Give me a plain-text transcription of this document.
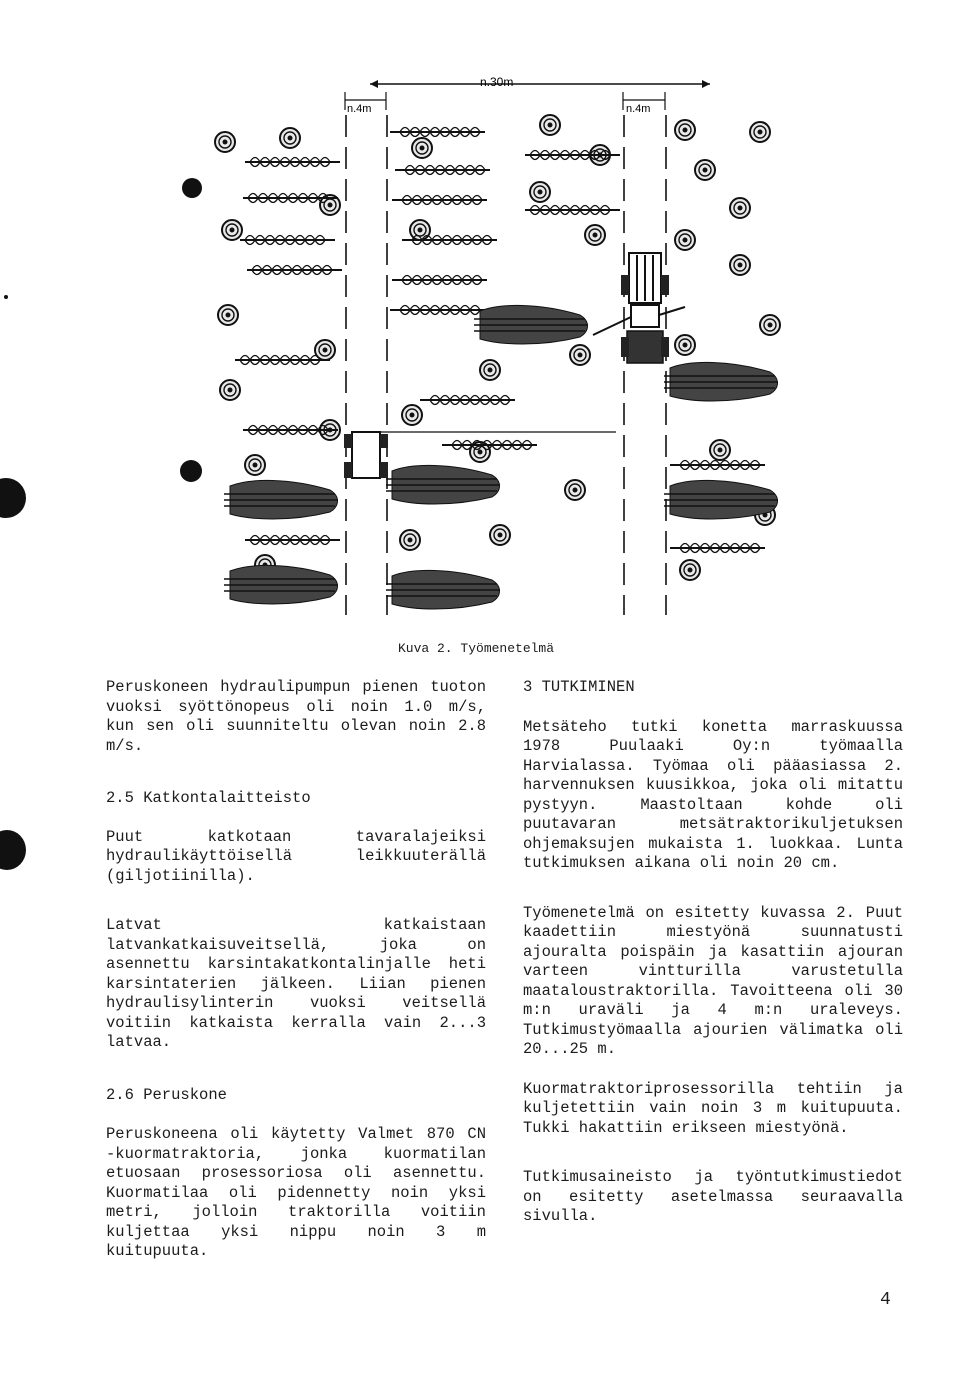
n.30m
n.4m	n.4m
Kuva 2. Työmenetelmä

Peruskoneen hydraulipumpun pienen tuoton vuoksi syöttönopeus oli noin 1.0 m/s, kun sen oli suunniteltu olevan noin 2.8 m/s.

2.5 Katkontalaitteisto

Puut katkotaan tavaralajeiksi hydraulikäyttöisellä leikkuuterällä (giljotiinilla).

Latvat katkaistaan latvankatkaisuveitsellä, joka on asennettu karsintakatkontalinjalle heti karsintaterien jälkeen. Liian pienen hydraulisylinterin vuoksi veitsellä voitiin katkaista kerralla vain 2...3 latvaa.

2.6 Peruskone

Peruskoneena oli käytetty Valmet 870 CN -kuormatraktoria, jonka kuormatilan etuosaan prosessoriosa oli asennettu. Kuormatilaa oli pidennetty noin yksi metri, jolloin traktorilla voitiin kuljettaa yksi nippu noin 3 m kuitupuuta.

3 TUTKIMINEN

Metsäteho tutki konetta marraskuussa 1978 Puulaaki Oy:n työmaalla Harvialassa. Työmaa oli pääasiassa 2. harvennuksen kuusikkoa, joka oli mitattu pystyyn. Maastoltaan kohde oli puutavaran metsätraktorikuljetuksen ohjemaksujen mukaista 1. luokkaa. Lunta tutkimuksen aikana oli noin 20 cm.

Työmenetelmä on esitetty kuvassa 2. Puut kaadettiin miestyönä suunnatusti ajouralta poispäin ja kasattiin ajouran varteen vintturilla varustetulla maataloustraktorilla. Tavoitteena oli 30 m:n uraväli ja 4 m:n uraleveys. Tutkimustyömaalla ajourien välimatka oli 20...25 m.

Kuormatraktoriprosessorilla tehtiin ja kuljetettiin vain noin 3 m kuitupuuta. Tukki hakattiin erikseen miestyönä.

Tutkimusaineisto ja työntutkimustiedot on esitetty asetelmassa seuraavalla sivulla.

4
